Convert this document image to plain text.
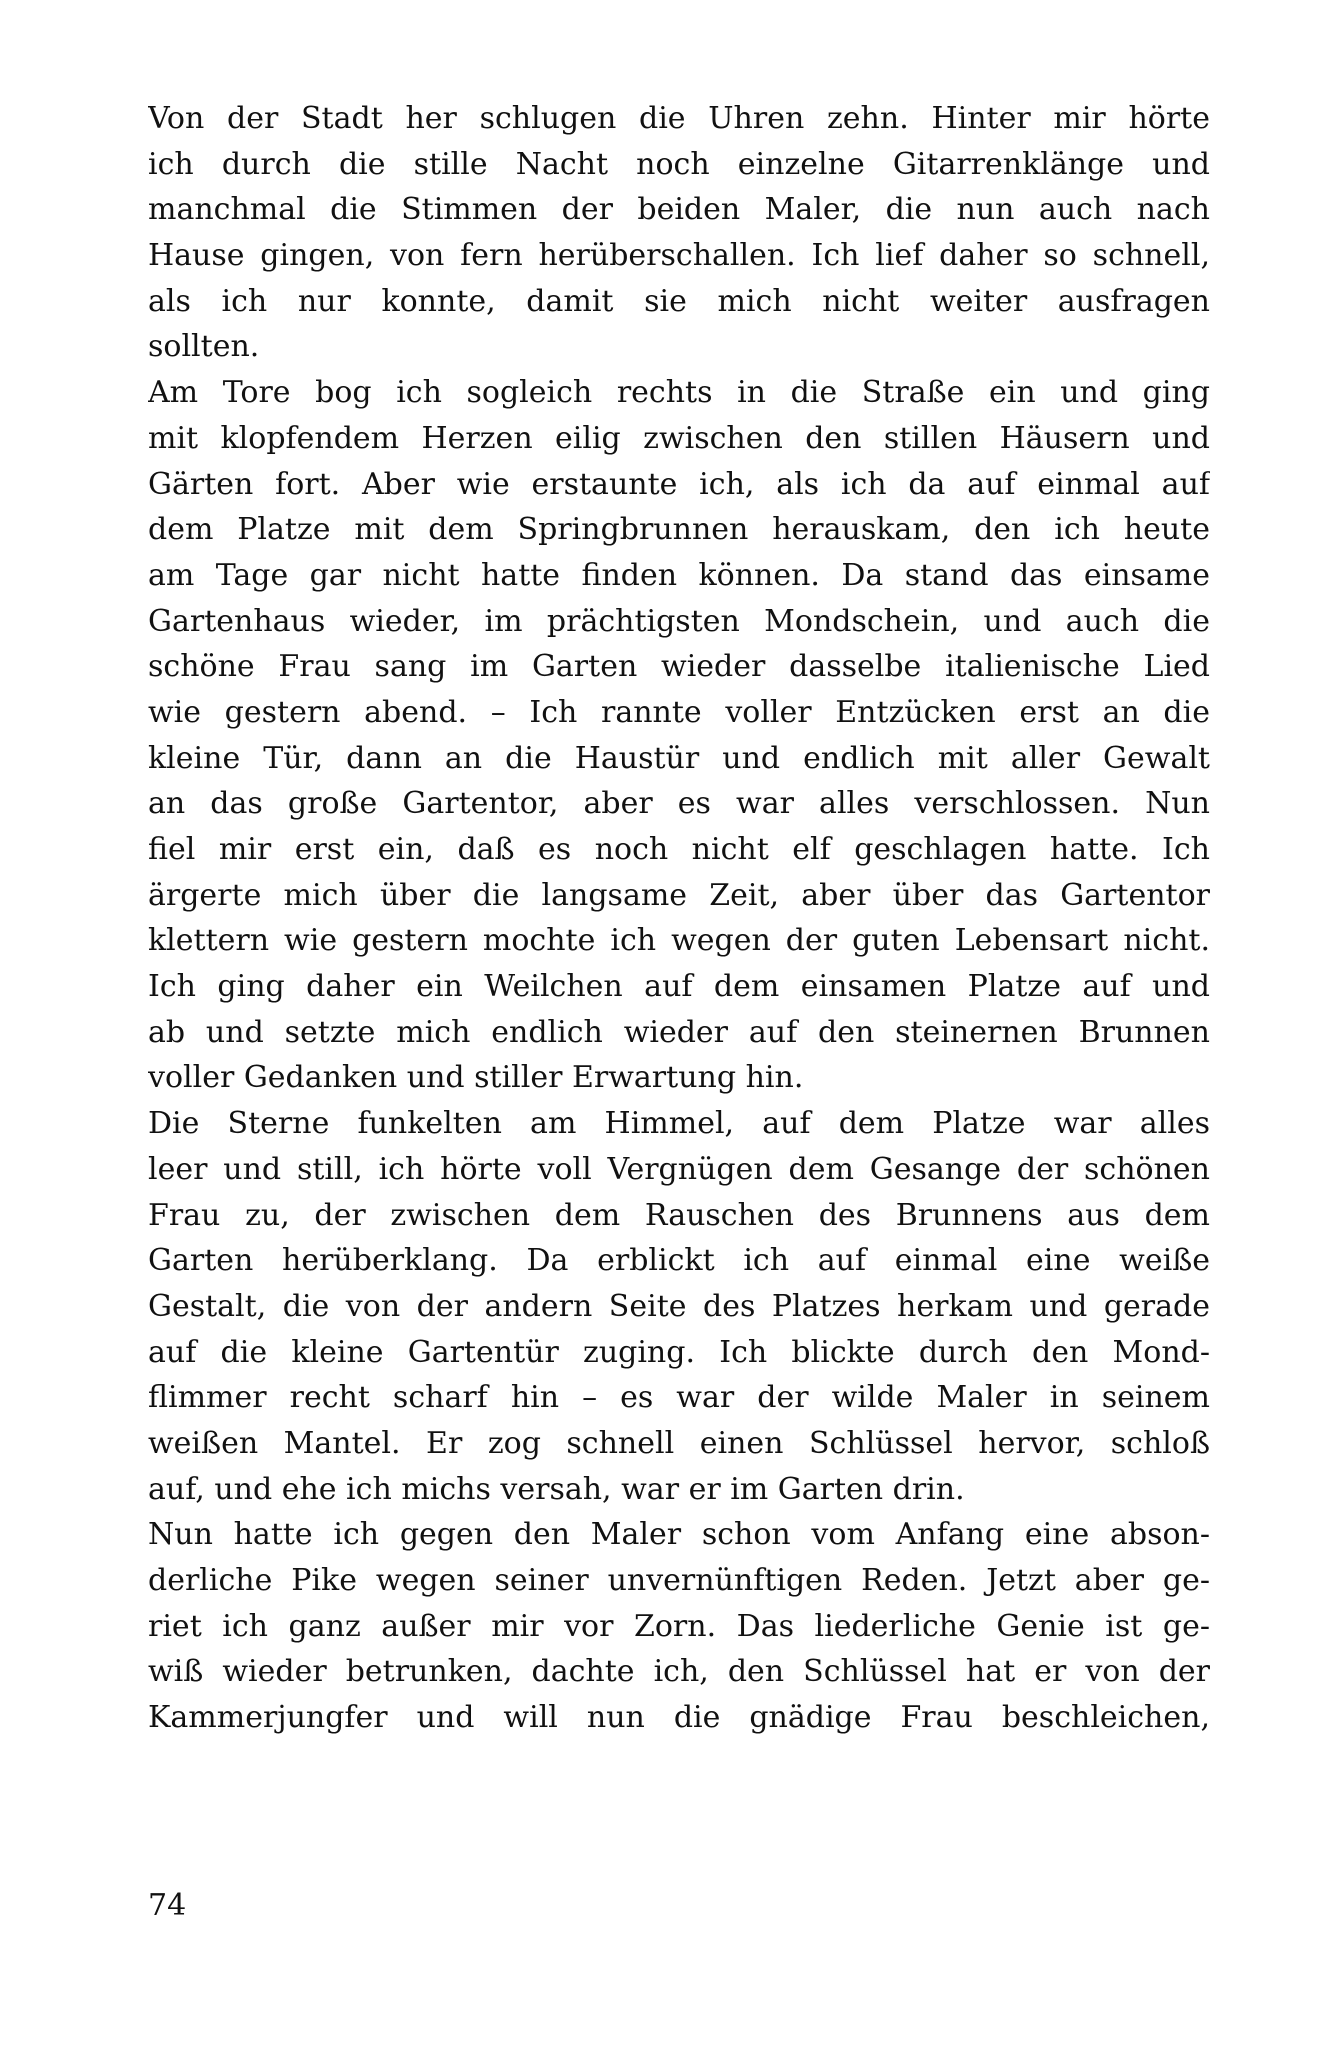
Von der Stadt her schlugen die Uhren zehn. Hinter mir hörte
ich durch die stille Nacht noch einzelne Gitarrenklänge und
manchmal die Stimmen der beiden Maler, die nun auch nach
Hause gingen, von fern herüberschallen. Ich lief daher so schnell,
als ich nur konnte, damit sie mich nicht weiter ausfragen
sollten.
Am Tore bog ich sogleich rechts in die Straße ein und ging
mit klopfendem Herzen eilig zwischen den stillen Häusern und
Gärten fort. Aber wie erstaunte ich, als ich da auf einmal auf
dem Platze mit dem Springbrunnen herauskam, den ich heute
am Tage gar nicht hatte finden können. Da stand das einsame
Gartenhaus wieder, im prächtigsten Mondschein, und auch die
schöne Frau sang im Garten wieder dasselbe italienische Lied
wie gestern abend. – Ich rannte voller Entzücken erst an die
kleine Tür, dann an die Haustür und endlich mit aller Gewalt
an das große Gartentor, aber es war alles verschlossen. Nun
fiel mir erst ein, daß es noch nicht elf geschlagen hatte. Ich
ärgerte mich über die langsame Zeit, aber über das Gartentor
klettern wie gestern mochte ich wegen der guten Lebensart nicht.
Ich ging daher ein Weilchen auf dem einsamen Platze auf und
ab und setzte mich endlich wieder auf den steinernen Brunnen
voller Gedanken und stiller Erwartung hin.
Die Sterne funkelten am Himmel, auf dem Platze war alles
leer und still, ich hörte voll Vergnügen dem Gesange der schönen
Frau zu, der zwischen dem Rauschen des Brunnens aus dem
Garten herüberklang. Da erblickt ich auf einmal eine weiße
Gestalt, die von der andern Seite des Platzes herkam und gerade
auf die kleine Gartentür zuging. Ich blickte durch den Mond-
flimmer recht scharf hin – es war der wilde Maler in seinem
weißen Mantel. Er zog schnell einen Schlüssel hervor, schloß
auf, und ehe ich michs versah, war er im Garten drin.
Nun hatte ich gegen den Maler schon vom Anfang eine abson-
derliche Pike wegen seiner unvernünftigen Reden. Jetzt aber ge-
riet ich ganz außer mir vor Zorn. Das liederliche Genie ist ge-
wiß wieder betrunken, dachte ich, den Schlüssel hat er von der
Kammerjungfer und will nun die gnädige Frau beschleichen,
74
